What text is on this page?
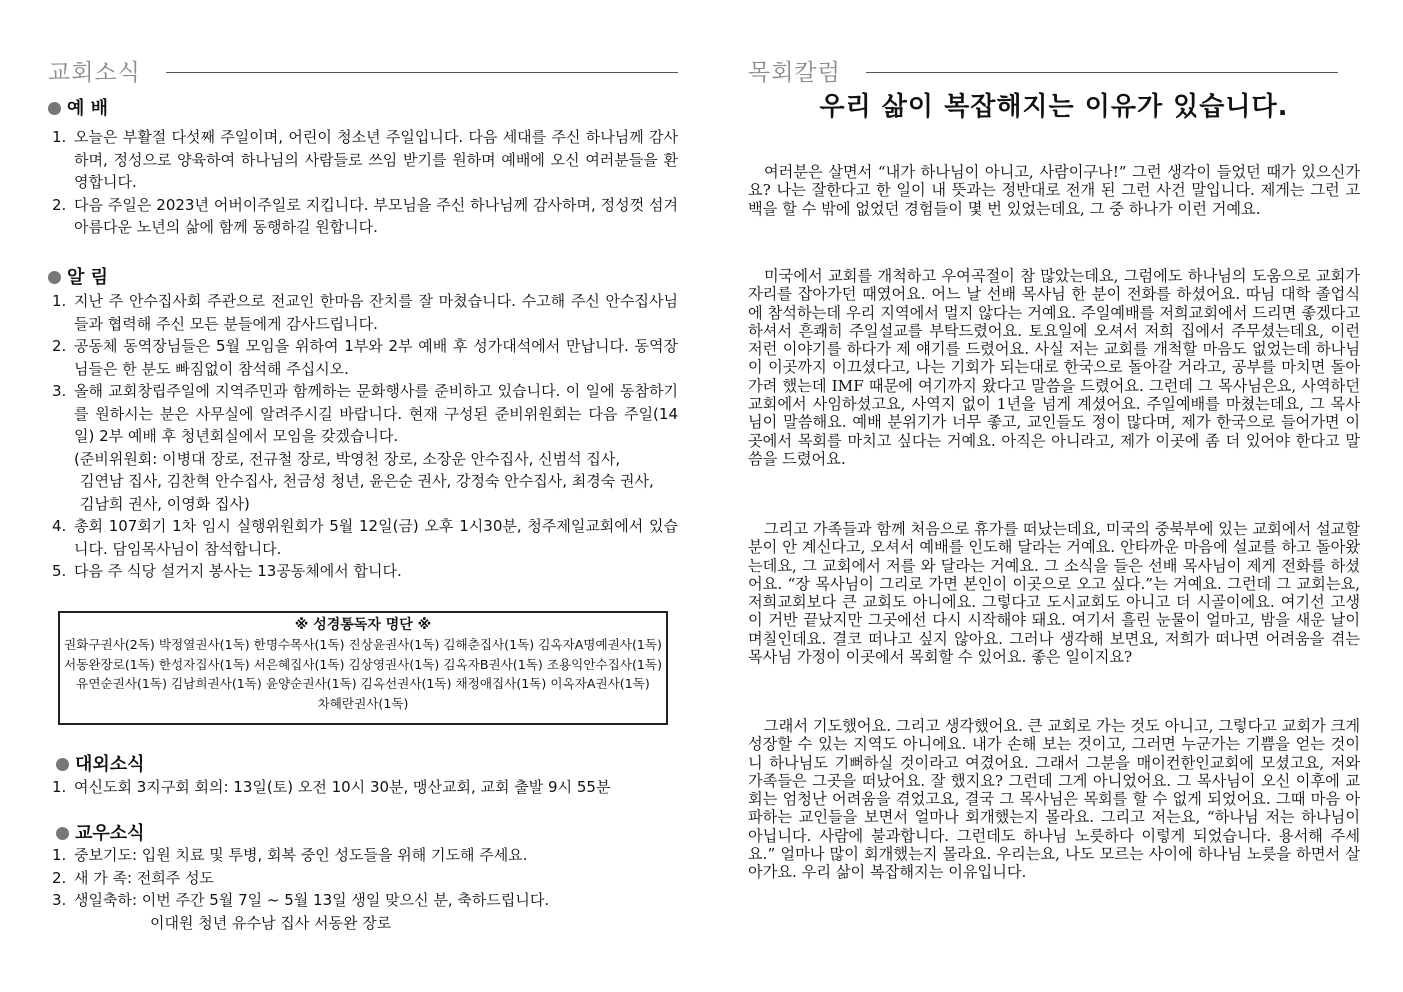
교회소식
예 배
1. 오늘은 부활절 다섯째 주일이며, 어린이 청소년 주일입니다. 다음 세대를 주신 하나님께 감사하며, 정성으로 양육하여 하나님의 사람들로 쓰임 받기를 원하며 예배에 오신 여러분들을 환영합니다.
2. 다음 주일은 2023년 어버이주일로 지킵니다. 부모님을 주신 하나님께 감사하며, 정성껏 섬겨 아름다운 노년의 삶에 함께 동행하길 원합니다.
알 림
1. 지난 주 안수집사회 주관으로 전교인 한마음 잔치를 잘 마쳤습니다. 수고해 주신 안수집사님들과 협력해 주신 모든 분들에게 감사드립니다.
2. 공동체 동역장님들은 5월 모임을 위하여 1부와 2부 예배 후 성가대석에서 만납니다. 동역장님들은 한 분도 빠짐없이 참석해 주십시오.
3. 올해 교회창립주일에 지역주민과 함께하는 문화행사를 준비하고 있습니다. 이 일에 동참하기를 원하시는 분은 사무실에 알려주시길 바랍니다. 현재 구성된 준비위원회는 다음 주일(14일) 2부 예배 후 청년회실에서 모임을 갖겠습니다.
(준비위원회: 이병대 장로, 전규철 장로, 박영천 장로, 소장운 안수집사, 신범석 집사,
김연남 집사, 김찬혁 안수집사, 천금성 청년, 윤은순 권사, 강정숙 안수집사, 최경숙 권사,
김남희 권사, 이영화 집사)
4. 총회 107회기 1차 임시 실행위원회가 5월 12일(금) 오후 1시30분, 청주제일교회에서 있습니다. 담임목사님이 참석합니다.
5. 다음 주 식당 설거지 봉사는 13공동체에서 합니다.
※ 성경통독자 명단 ※
권화구권사(2독) 박정열권사(1독) 한명수목사(1독) 진상윤권사(1독) 김해춘집사(1독) 김옥자A명예권사(1독)
서동완장로(1독) 한성자집사(1독) 서은혜집사(1독) 김상영권사(1독) 김옥자B권사(1독) 조용익안수집사(1독)
유연순권사(1독) 김남희권사(1독) 윤양순권사(1독) 김옥선권사(1독) 채정애집사(1독) 이옥자A권사(1독)
차혜란권사(1독)
대외소식
1. 여신도회 3지구회 회의: 13일(토) 오전 10시 30분, 맹산교회, 교회 출발 9시 55분
교우소식
1. 중보기도: 입원 치료 및 투병, 회복 중인 성도들을 위해 기도해 주세요.
2. 새 가 족: 전희주 성도
3. 생일축하: 이번 주간 5월 7일 ~ 5월 13일 생일 맞으신 분, 축하드립니다.
이대원 청년 유수남 집사 서동완 장로
목회칼럼
우리 삶이 복잡해지는 이유가 있습니다.

여러분은 살면서 “내가 하나님이 아니고, 사람이구나!” 그런 생각이 들었던 때가 있으신가요? 나는 잘한다고 한 일이 내 뜻과는 정반대로 전개 된 그런 사건 말입니다. 제게는 그런 고백을 할 수 밖에 없었던 경험들이 몇 번 있었는데요, 그 중 하나가 이런 거예요.

미국에서 교회를 개척하고 우여곡절이 참 많았는데요, 그럼에도 하나님의 도움으로 교회가 자리를 잡아가던 때였어요. 어느 날 선배 목사님 한 분이 전화를 하셨어요. 따님 대학 졸업식에 참석하는데 우리 지역에서 멀지 않다는 거예요. 주일예배를 저희교회에서 드리면 좋겠다고 하셔서 흔쾌히 주일설교를 부탁드렸어요. 토요일에 오셔서 저희 집에서 주무셨는데요, 이런 저런 이야기를 하다가 제 얘기를 드렸어요. 사실 저는 교회를 개척할 마음도 없었는데 하나님이 이곳까지 이끄셨다고, 나는 기회가 되는대로 한국으로 돌아갈 거라고, 공부를 마치면 돌아가려 했는데 IMF 때문에 여기까지 왔다고 말씀을 드렸어요. 그런데 그 목사님은요, 사역하던 교회에서 사임하셨고요, 사역지 없이 1년을 넘게 계셨어요. 주일예배를 마쳤는데요, 그 목사님이 말씀해요. 예배 분위기가 너무 좋고, 교인들도 정이 많다며, 제가 한국으로 들어가면 이곳에서 목회를 마치고 싶다는 거예요. 아직은 아니라고, 제가 이곳에 좀 더 있어야 한다고 말씀을 드렸어요.

그리고 가족들과 함께 처음으로 휴가를 떠났는데요, 미국의 중북부에 있는 교회에서 설교할 분이 안 계신다고, 오셔서 예배를 인도해 달라는 거예요. 안타까운 마음에 설교를 하고 돌아왔는데요, 그 교회에서 저를 와 달라는 거예요. 그 소식을 들은 선배 목사님이 제게 전화를 하셨어요. “장 목사님이 그리로 가면 본인이 이곳으로 오고 싶다.”는 거예요. 그런데 그 교회는요, 저희교회보다 큰 교회도 아니에요. 그렇다고 도시교회도 아니고 더 시골이에요. 여기선 고생이 거반 끝났지만 그곳에선 다시 시작해야 돼요. 여기서 흘린 눈물이 얼마고, 밤을 새운 날이 며칠인데요. 결코 떠나고 싶지 않아요. 그러나 생각해 보면요, 저희가 떠나면 어려움을 겪는 목사님 가정이 이곳에서 목회할 수 있어요. 좋은 일이지요?

그래서 기도했어요. 그리고 생각했어요. 큰 교회로 가는 것도 아니고, 그렇다고 교회가 크게 성장할 수 있는 지역도 아니에요. 내가 손해 보는 것이고, 그러면 누군가는 기쁨을 얻는 것이니 하나님도 기뻐하실 것이라고 여겼어요. 그래서 그분을 매이컨한인교회에 모셨고요, 저와 가족들은 그곳을 떠났어요. 잘 했지요? 그런데 그게 아니었어요. 그 목사님이 오신 이후에 교회는 엄청난 어려움을 겪었고요, 결국 그 목사님은 목회를 할 수 없게 되었어요. 그때 마음 아파하는 교인들을 보면서 얼마나 회개했는지 몰라요. 그리고 저는요, “하나님 저는 하나님이 아닙니다. 사람에 불과합니다. 그런데도 하나님 노릇하다 이렇게 되었습니다. 용서해 주세요.” 얼마나 많이 회개했는지 몰라요. 우리는요, 나도 모르는 사이에 하나님 노릇을 하면서 살아가요. 우리 삶이 복잡해지는 이유입니다.
